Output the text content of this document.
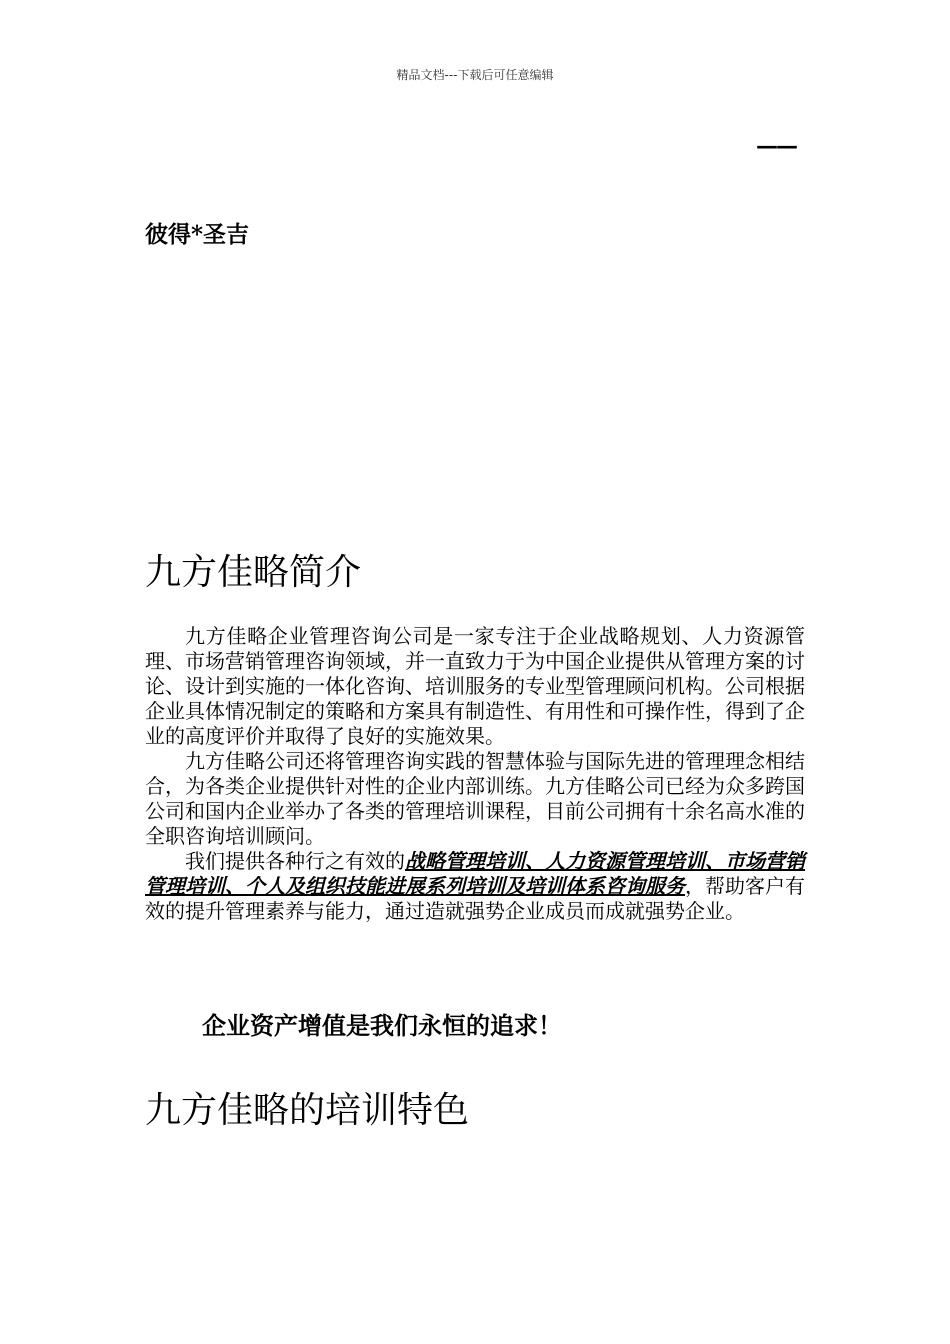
精品文档---下载后可任意编辑
——
彼得*圣吉
九方佳略简介

九方佳略企业管理咨询公司是一家专注于企业战略规划、人力资源管理、市场营销管理咨询领域，并一直致力于为中国企业提供从管理方案的讨论、设计到实施的一体化咨询、培训服务的专业型管理顾问机构。公司根据企业具体情况制定的策略和方案具有制造性、有用性和可操作性，得到了企业的高度评价并取得了良好的实施效果。

九方佳略公司还将管理咨询实践的智慧体验与国际先进的管理理念相结合，为各类企业提供针对性的企业内部训练。九方佳略公司已经为众多跨国公司和国内企业举办了各类的管理培训课程，目前公司拥有十余名高水准的全职咨询培训顾问。

我们提供各种行之有效的战略管理培训、人力资源管理培训、市场营销管理培训、个人及组织技能进展系列培训及培训体系咨询服务，帮助客户有效的提升管理素养与能力，通过造就强势企业成员而成就强势企业。

企业资产增值是我们永恒的追求！
九方佳略的培训特色
